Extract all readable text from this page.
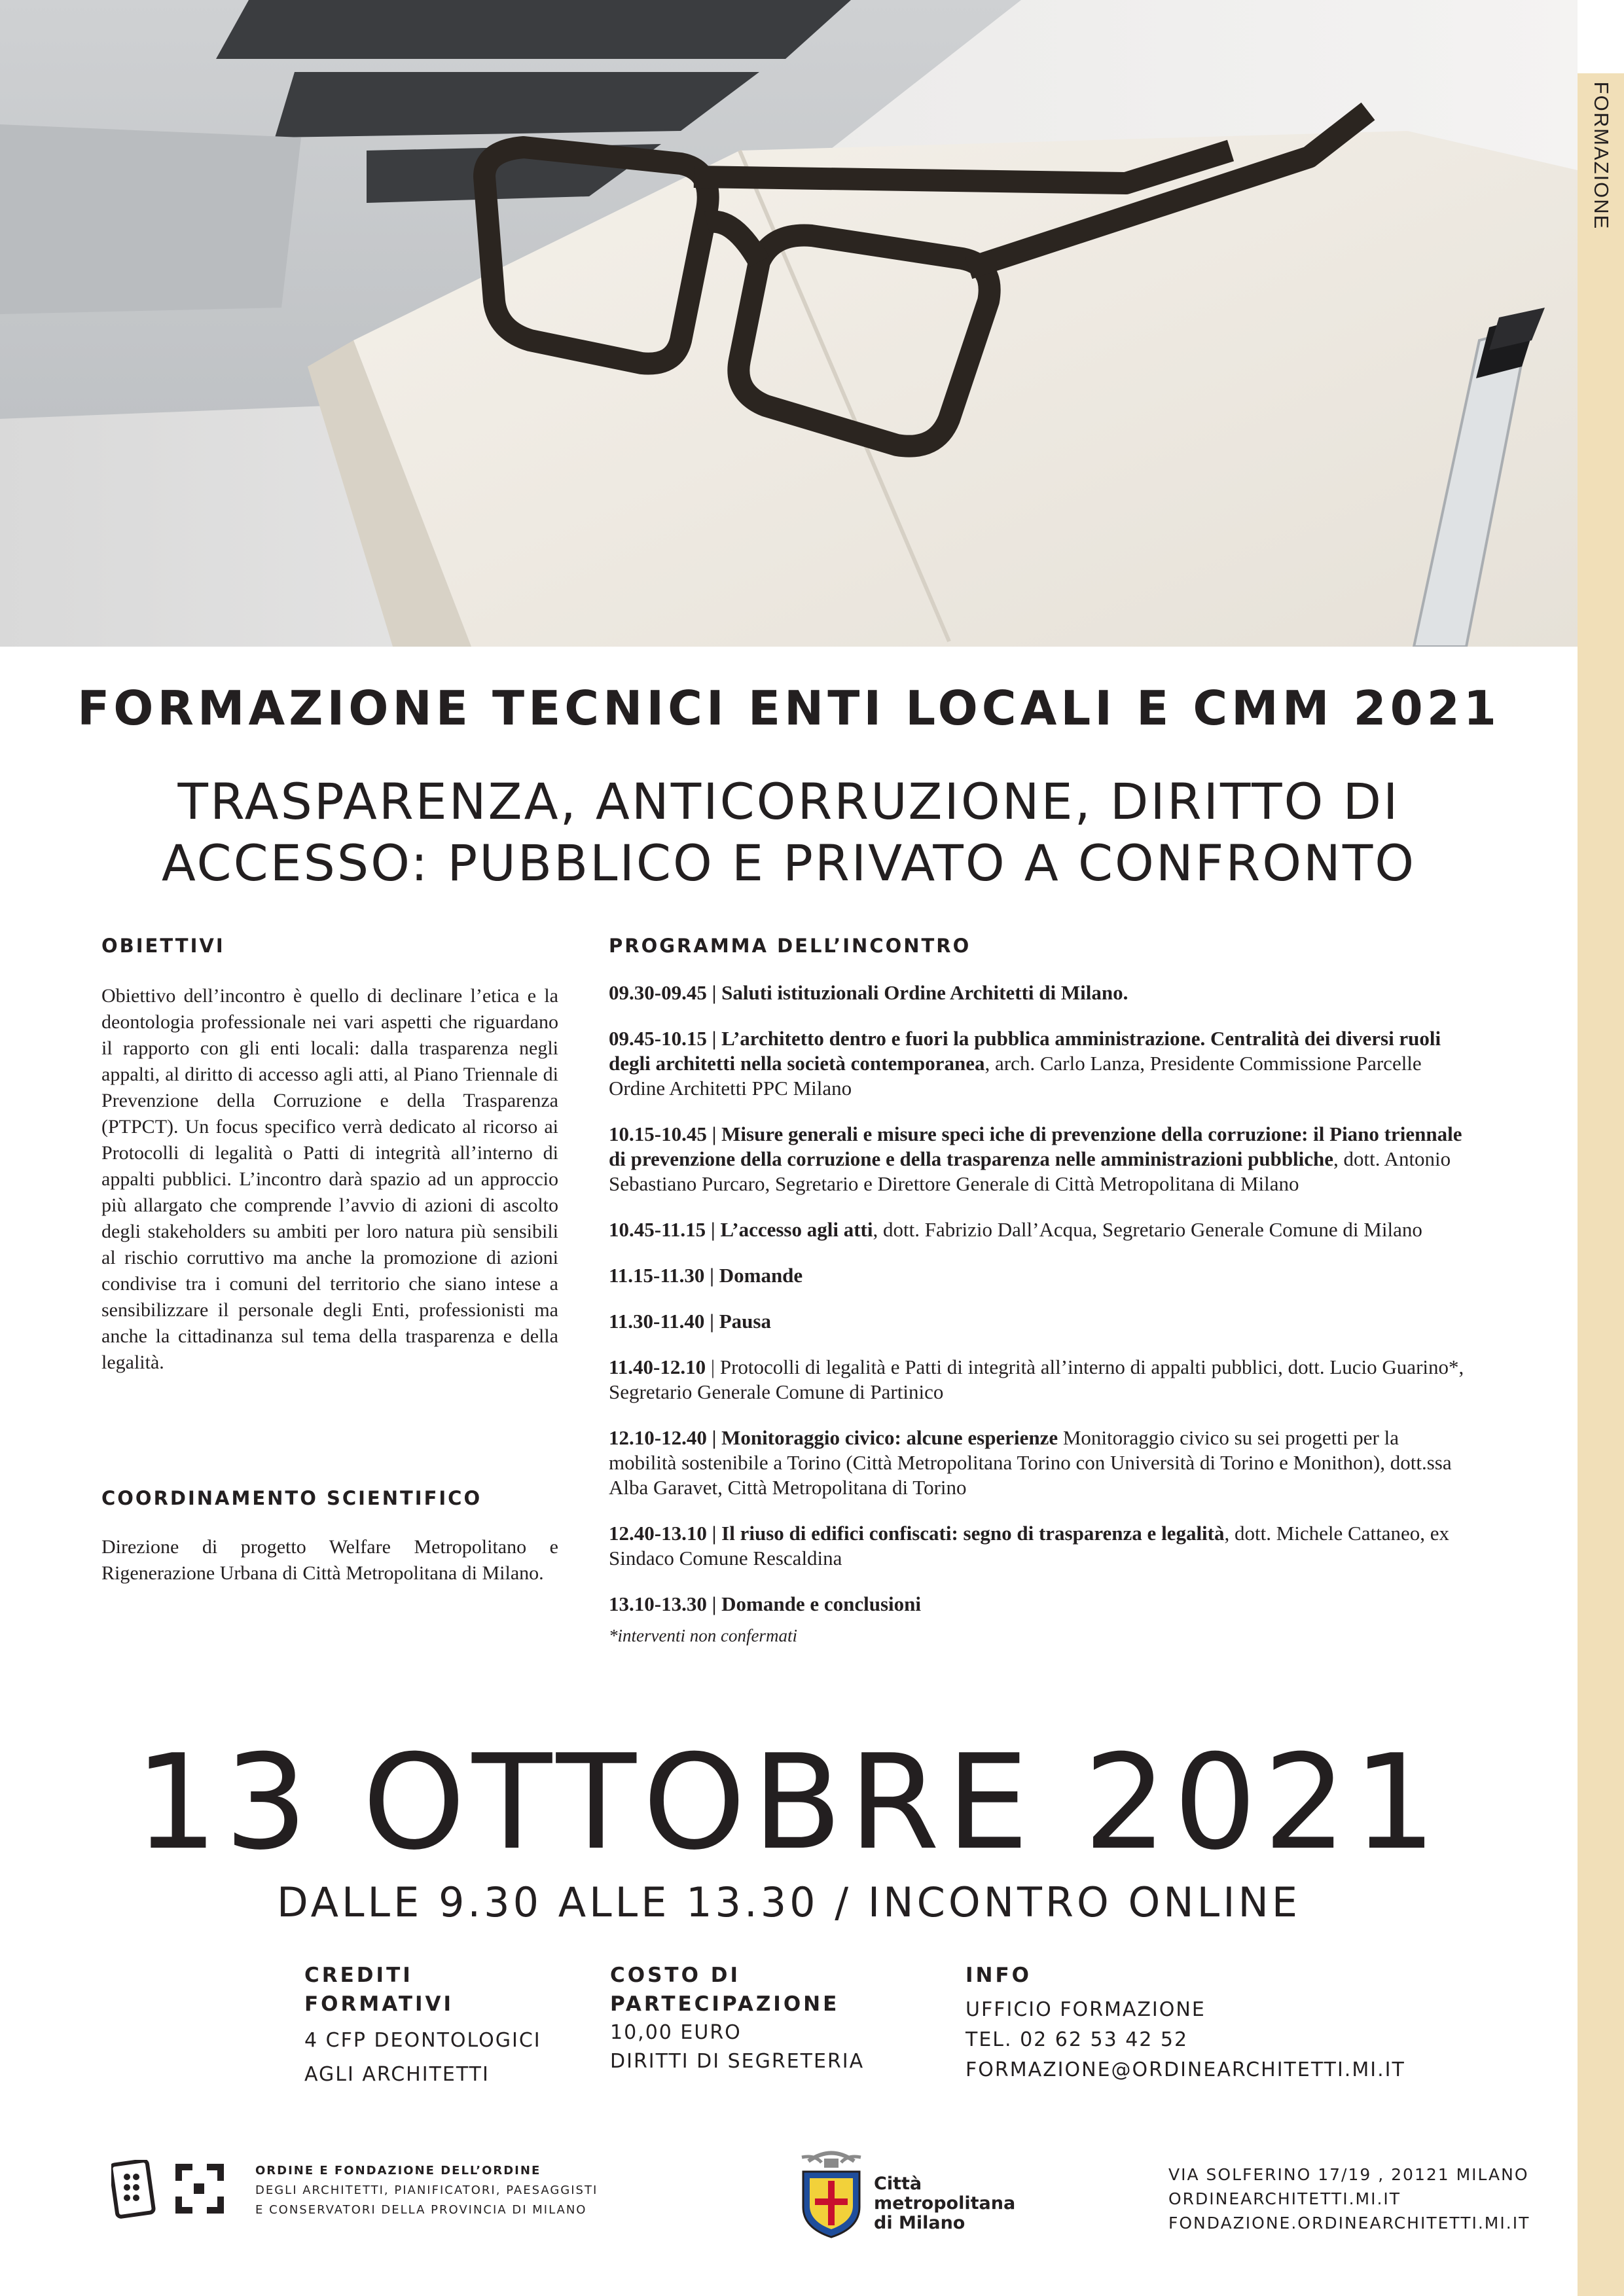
FORMAZIONE
FORMAZIONE TECNICI ENTI LOCALI E CMM 2021
TRASPARENZA, ANTICORRUZIONE, DIRITTO DI
ACCESSO: PUBBLICO E PRIVATO A CONFRONTO
OBIETTIVI

Obiettivo dell’incontro è quello di declinare l’etica e la deontologia professionale nei vari aspetti che riguardano il rapporto con gli enti locali: dalla trasparenza negli appalti, al diritto di accesso agli atti, al Piano Triennale di Prevenzione della Corruzione e della Trasparenza (PTPCT). Un focus specifico verrà dedicato al ricorso ai Protocolli di legalità o Patti di integrità all’interno di appalti pubblici. L’incontro darà spazio ad un approccio più allargato che comprende l’avvio di azioni di ascolto degli stakeholders su ambiti per loro natura più sensibili al rischio corruttivo ma anche la promozione di azioni condivise tra i comuni del territorio che siano intese a sensibilizzare il personale degli Enti, professionisti ma anche la cittadinanza sul tema della trasparenza e della legalità.

COORDINAMENTO SCIENTIFICO

Direzione di progetto Welfare Metropolitano e Rigenerazione Urbana di Città Metropolitana di Milano.

PROGRAMMA DELL’INCONTRO

09.30-09.45 | Saluti istituzionali Ordine Architetti di Milano.

09.45-10.15 | L’architetto dentro e fuori la pubblica amministrazione. Centralità dei diversi ruoli degli architetti nella società contemporanea, arch. Carlo Lanza, Presidente Commissione Parcelle Ordine Architetti PPC Milano

10.15-10.45 | Misure generali e misure speci iche di prevenzione della corruzione: il Piano triennale di prevenzione della corruzione e della trasparenza nelle amministrazioni pubbliche, dott. Antonio Sebastiano Purcaro, Segretario e Direttore Generale di Città Metropolitana di Milano

10.45-11.15 | L’accesso agli atti, dott. Fabrizio Dall’Acqua, Segretario Generale Comune di Milano

11.15-11.30 | Domande

11.30-11.40 | Pausa

11.40-12.10 | Protocolli di legalità e Patti di integrità all’interno di appalti pubblici, dott. Lucio Guarino*, Segretario Generale Comune di Partinico

12.10-12.40 | Monitoraggio civico: alcune esperienze Monitoraggio civico su sei progetti per la mobilità sostenibile a Torino (Città Metropolitana Torino con Università di Torino e Monithon), dott.ssa Alba Garavet, Città Metropolitana di Torino

12.40-13.10 | Il riuso di edifici confiscati: segno di trasparenza e legalità, dott. Michele Cattaneo, ex Sindaco Comune Rescaldina

13.10-13.30 | Domande e conclusioni

*interventi non confermati

13 OTTOBRE 2021
DALLE 9.30 ALLE 13.30 / INCONTRO ONLINE
CREDITI
FORMATIVI
4 CFP DEONTOLOGICI
AGLI ARCHITETTI
COSTO DI
PARTECIPAZIONE
10,00 EURO
DIRITTI DI SEGRETERIA
INFO
UFFICIO FORMAZIONE
TEL. 02 62 53 42 52
FORMAZIONE@ORDINEARCHITETTI.MI.IT
ORDINE E FONDAZIONE DELL’ORDINE
DEGLI ARCHITETTI, PIANIFICATORI, PAESAGGISTI
E CONSERVATORI DELLA PROVINCIA DI MILANO
Città
metropolitana
di Milano
VIA SOLFERINO 17/19 , 20121 MILANO
ORDINEARCHITETTI.MI.IT
FONDAZIONE.ORDINEARCHITETTI.MI.IT
